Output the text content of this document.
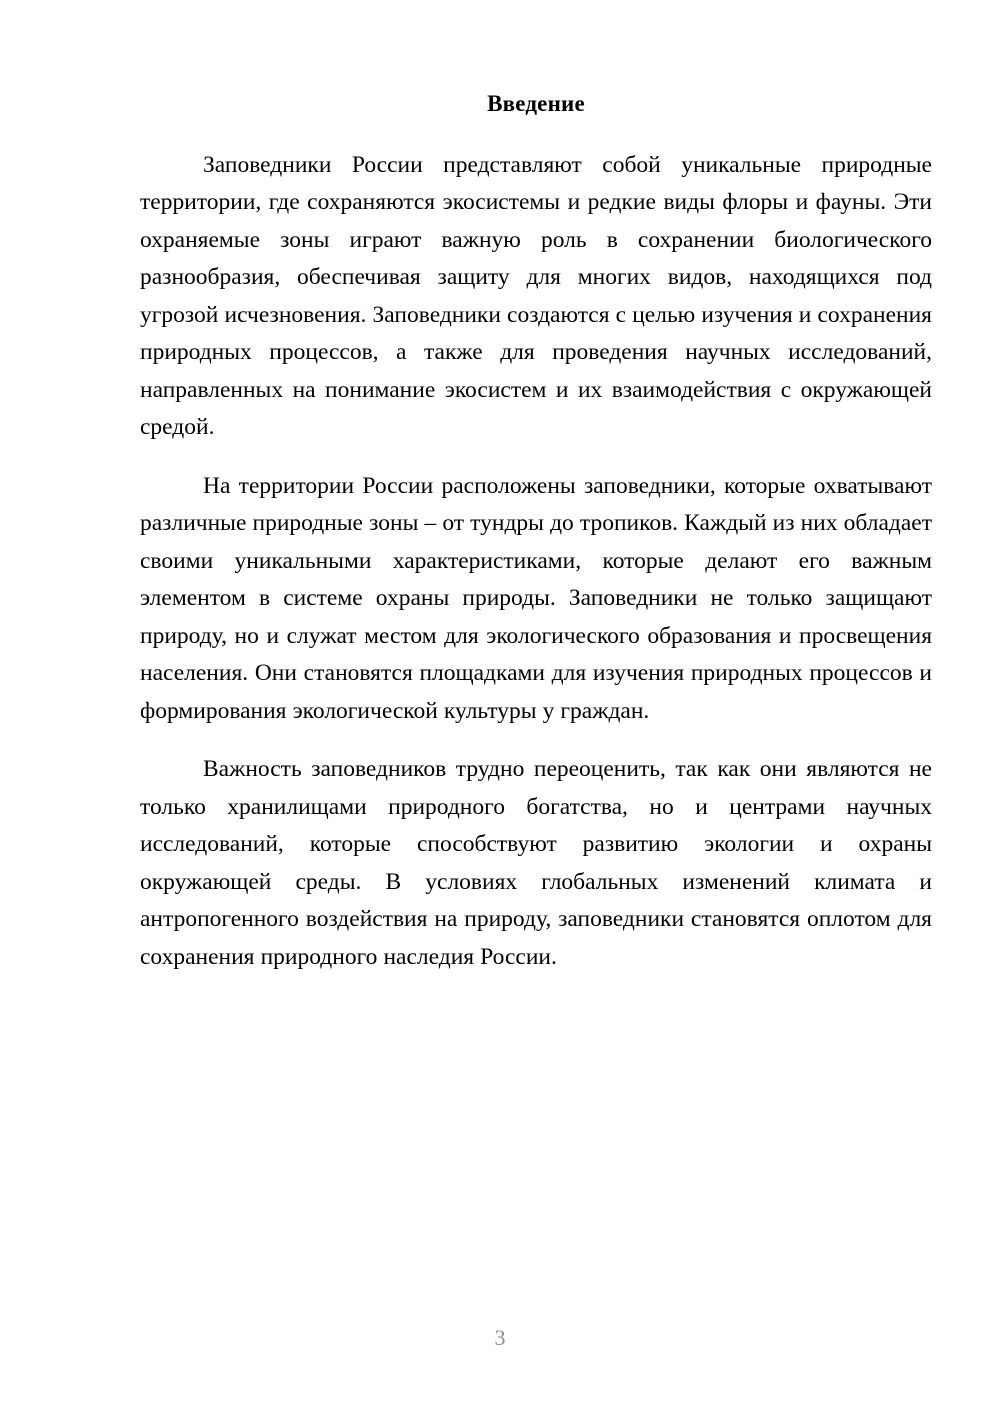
Введение

Заповедники России представляют собой уникальные природные территории, где сохраняются экосистемы и редкие виды флоры и фауны. Эти охраняемые зоны играют важную роль в сохранении биологического разнообразия, обеспечивая защиту для многих видов, находящихся под угрозой исчезновения. Заповедники создаются с целью изучения и сохранения природных процессов, а также для проведения научных исследований, направленных на понимание экосистем и их взаимодействия с окружающей средой.

На территории России расположены заповедники, которые охватывают различные природные зоны – от тундры до тропиков. Каждый из них обладает своими уникальными характеристиками, которые делают его важным элементом в системе охраны природы. Заповедники не только защищают природу, но и служат местом для экологического образования и просвещения населения. Они становятся площадками для изучения природных процессов и формирования экологической культуры у граждан.

Важность заповедников трудно переоценить, так как они являются не только хранилищами природного богатства, но и центрами научных исследований, которые способствуют развитию экологии и охраны окружающей среды. В условиях глобальных изменений климата и антропогенного воздействия на природу, заповедники становятся оплотом для сохранения природного наследия России.

3
